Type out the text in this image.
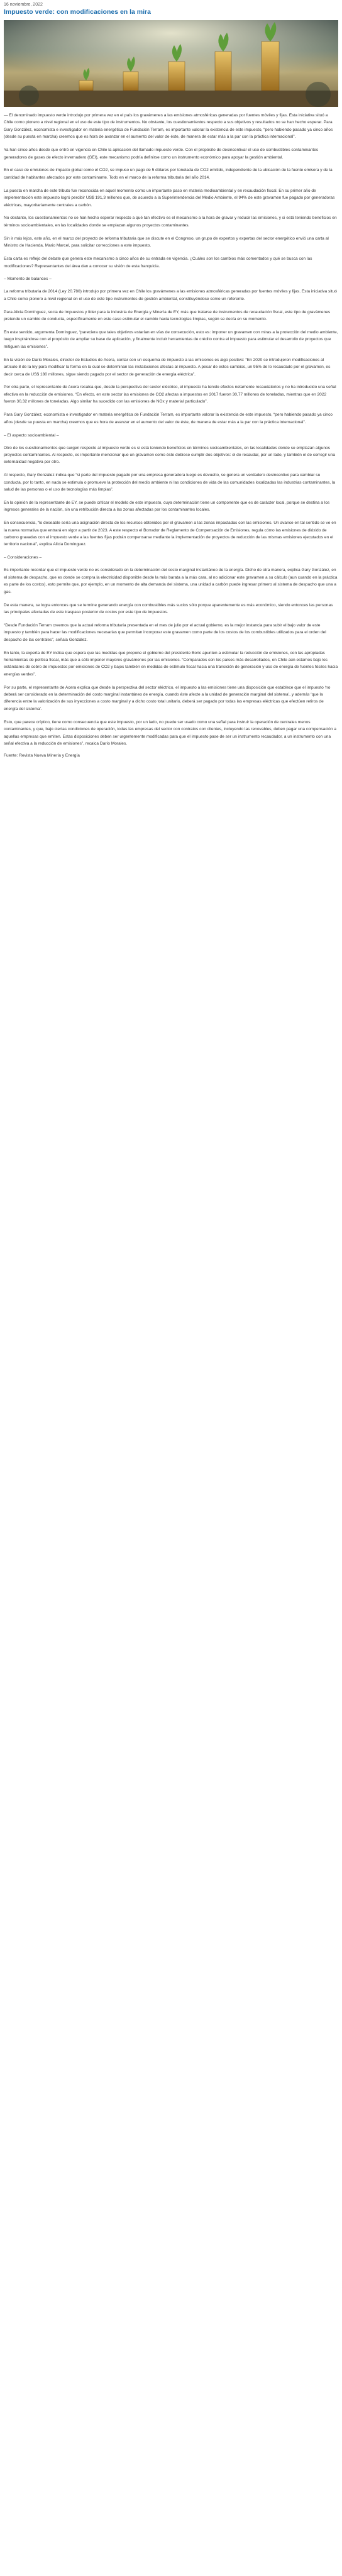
16 noviembre, 2022
Impuesto verde: con modificaciones en la mira

— El denominado impuesto verde introdujo por primera vez en el país los gravámenes a las emisiones atmosféricas generadas por fuentes móviles y fijas. Esta iniciativa situó a Chile como pionero a nivel regional en el uso de este tipo de instrumentos. No obstante, los cuestionamientos respecto a sus objetivos y resultados no se han hecho esperar. Para Gary González, economista e investigador en materia energética de Fundación Terram, es importante valorar la existencia de este impuesto, “pero habiendo pasado ya cinco años (desde su puesta en marcha) creemos que es hora de avanzar en el aumento del valor de éste, de manera de estar más a la par con la práctica internacional”.

Ya han cinco años desde que entró en vigencia en Chile la aplicación del llamado impuesto verde. Con el propósito de desincentivar el uso de combustibles contaminantes generadores de gases de efecto invernadero (GEI), este mecanismo podría definirse como un instrumento económico para apoyar la gestión ambiental.

En el caso de emisiones de impacto global como el CO2, se impuso un pago de 5 dólares por tonelada de CO2 emitido, independiente de la ubicación de la fuente emisora y de la cantidad de habitantes afectados por este contaminante. Todo en el marco de la reforma tributaria del año 2014.

La puesta en marcha de este tributo fue reconocida en aquel momento como un importante paso en materia medioambiental y en recaudación fiscal. En su primer año de implementación este impuesto logró percibir US$ 191,3 millones que, de acuerdo a la Superintendencia del Medio Ambiente, el 94% de este gravamen fue pagado por generadoras eléctricas, mayoritariamente centrales a carbón.

No obstante, los cuestionamientos no se han hecho esperar respecto a qué tan efectivo es el mecanismo a la hora de gravar y reducir las emisiones, y si está teniendo beneficios en términos socioambientales, en las localidades donde se emplazan algunos proyectos contaminantes.

Sin ir más lejos, este año, en el marco del proyecto de reforma tributaria que se discute en el Congreso, un grupo de expertos y expertas del sector energético envió una carta al Ministro de Hacienda, Mario Marcel, para solicitar correcciones a este impuesto.

Esta carta es reflejo del debate que genera este mecanismo a cinco años de su entrada en vigencia. ¿Cuáles son los cambios más comentados y qué se busca con las modificaciones? Representantes del área dan a conocer su visión de esta franquicia.

– Momento de balances –

La reforma tributaria de 2014 (Ley 20.780) introdujo por primera vez en Chile los gravámenes a las emisiones atmosféricas generadas por fuentes móviles y fijas. Esta iniciativa situó a Chile como pionero a nivel regional en el uso de este tipo instrumentos de gestión ambiental, constituyéndose como un referente.

Para Alicia Domínguez, socia de Impuestos y líder para la industria de Energía y Minería de EY, más que tratarse de instrumentos de recaudación fiscal, este tipo de gravámenes pretende un cambio de conducta, específicamente en este caso estimular el cambio hacia tecnologías limpias, según se decía en su momento.

En este sentido, argumenta Domínguez, “pareciera que tales objetivos estarían en vías de consecución, esto es: imponer un gravamen con miras a la protección del medio ambiente, luego inspirándose con el propósito de ampliar su base de aplicación, y finalmente incluir herramientas de crédito contra el impuesto para estimular el desarrollo de proyectos que mitiguen las emisiones”.

En la visión de Darío Morales, director de Estudios de Acera, contar con un esquema de impuesto a las emisiones es algo positivo: “En 2020 se introdujeron modificaciones al artículo 8 de la ley para modificar la forma en la cual se determinan las instalaciones afectas al impuesto. A pesar de estos cambios, un 95% de lo recaudado por el gravamen, es decir cerca de US$ 180 millones, sigue siendo pagado por el sector de generación de energía eléctrica”.

Por otra parte, el representante de Acera recalca que, desde la perspectiva del sector eléctrico, el impuesto ha tenido efectos netamente recaudatorios y no ha introducido una señal efectiva en la reducción de emisiones. “En efecto, en este sector las emisiones de CO2 afectas a impuestos en 2017 fueron 30,77 millones de toneladas, mientras que en 2022 fueron 30,32 millones de toneladas. Algo similar ha sucedido con las emisiones de NOx y material particulado”.

Para Gary González, economista e investigador en materia energética de Fundación Terram, es importante valorar la existencia de este impuesto, “pero habiendo pasado ya cinco años (desde su puesta en marcha) creemos que es hora de avanzar en el aumento del valor de éste, de manera de estar más a la par con la práctica internacional”.

– El aspecto socioambiental –

Otro de los cuestionamientos que surgen respecto al impuesto verde es si está teniendo beneficios en términos socioambientales, en las localidades donde se emplazan algunos proyectos contaminantes. Al respecto, es importante mencionar que un gravamen como éste debiese cumplir dos objetivos: el de recaudar, por un lado, y también el de corregir una externalidad negativa por otro.

Al respecto, Gary González indica que “si parte del impuesto pagado por una empresa generadora luego es devuelto, se genera un verdadero desincentivo para cambiar su conducta, por lo tanto, en nada se estimula o promueve la protección del medio ambiente ni las condiciones de vida de las comunidades localizadas las industrias contaminantes, la salud de las personas o el uso de tecnologías más limpias”.

En la opinión de la representante de EY, se puede criticar el modelo de este impuesto, cuya determinación tiene un componente que es de carácter local, porque se destina a los ingresos generales de la nación, sin una retribución directa a las zonas afectadas por los contaminantes locales.

En consecuencia, “lo deseable sería una asignación directa de los recursos obtenidos por el gravamen a las zonas impactadas con las emisiones. Un avance en tal sentido se ve en la nueva normativa que entrará en vigor a partir de 2023. A este respecto el Borrador de Reglamento de Compensación de Emisiones, regula cómo las emisiones de dióxido de carbono gravadas con el impuesto verde a las fuentes fijas podrán compensarse mediante la implementación de proyectos de reducción de las mismas emisiones ejecutados en el territorio nacional”, explica Alicia Domínguez.

– Consideraciones –

Es importante recordar que el impuesto verde no es considerado en la determinación del costo marginal instantáneo de la energía. Dicho de otra manera, explica Gary González, en el sistema de despacho, que es donde se compra la electricidad disponible desde la más barata a la más cara, al no adicionar este gravamen a su cálculo (aun cuando en la práctica es parte de los costos), esto permite que, por ejemplo, en un momento de alta demanda del sistema, una unidad a carbón puede ingresar primero al sistema de despacho que una a gas.

De esta manera, se logra entonces que se termine generando energía con combustibles más sucios sólo porque aparentemente es más económico, siendo entonces las personas las principales afectadas de este traspaso posterior de costos por este tipo de impuestos.

“Desde Fundación Terram creemos que la actual reforma tributaria presentada en el mes de julio por el actual gobierno, es la mejor instancia para subir el bajo valor de este impuesto y también para hacer las modificaciones necesarias que permitan incorporar este gravamen como parte de los costos de los combustibles utilizados para el orden del despacho de las centrales”, señala González.

En tanto, la experta de EY indica que espera que las medidas que propone el gobierno del presidente Boric apunten a estimular la reducción de emisiones, con las apropiadas herramientas de política fiscal, más que a sólo imponer mayores gravámenes por las emisiones. “Comparados con los países más desarrollados, en Chile aún estamos bajo los estándares de cobro de impuestos por emisiones de CO2 y bajos también en medidas de estímulo fiscal hacia una transición de generación y uso de energía de fuentes fósiles hacia energías verdes”.

Por su parte, el representante de Acera explica que desde la perspectiva del sector eléctrico, el impuesto a las emisiones tiene una disposición que establece que el impuesto ‘no deberá ser considerado en la determinación del costo marginal instantáneo de energía, cuando éste afecte a la unidad de generación marginal del sistema’, y además ‘que la diferencia entre la valorización de sus inyecciones a costo marginal y a dicho costo total unitario, deberá ser pagado por todas las empresas eléctricas que efectúen retiros de energía del sistema’.

Esto, que parece críptico, tiene como consecuencia que este impuesto, por un lado, no puede ser usado como una señal para instruir la operación de centrales menos contaminantes, y que, bajo ciertas condiciones de operación, todas las empresas del sector con contratos con clientes, incluyendo las renovables, deben pagar una compensación a aquellas empresas que emiten. Estas disposiciones deben ser urgentemente modificadas para que el impuesto pase de ser un instrumento recaudador, a un instrumento con una señal efectiva a la reducción de emisiones”, recalca Darío Morales.

Fuente: Revista Nueva Minería y Energía
